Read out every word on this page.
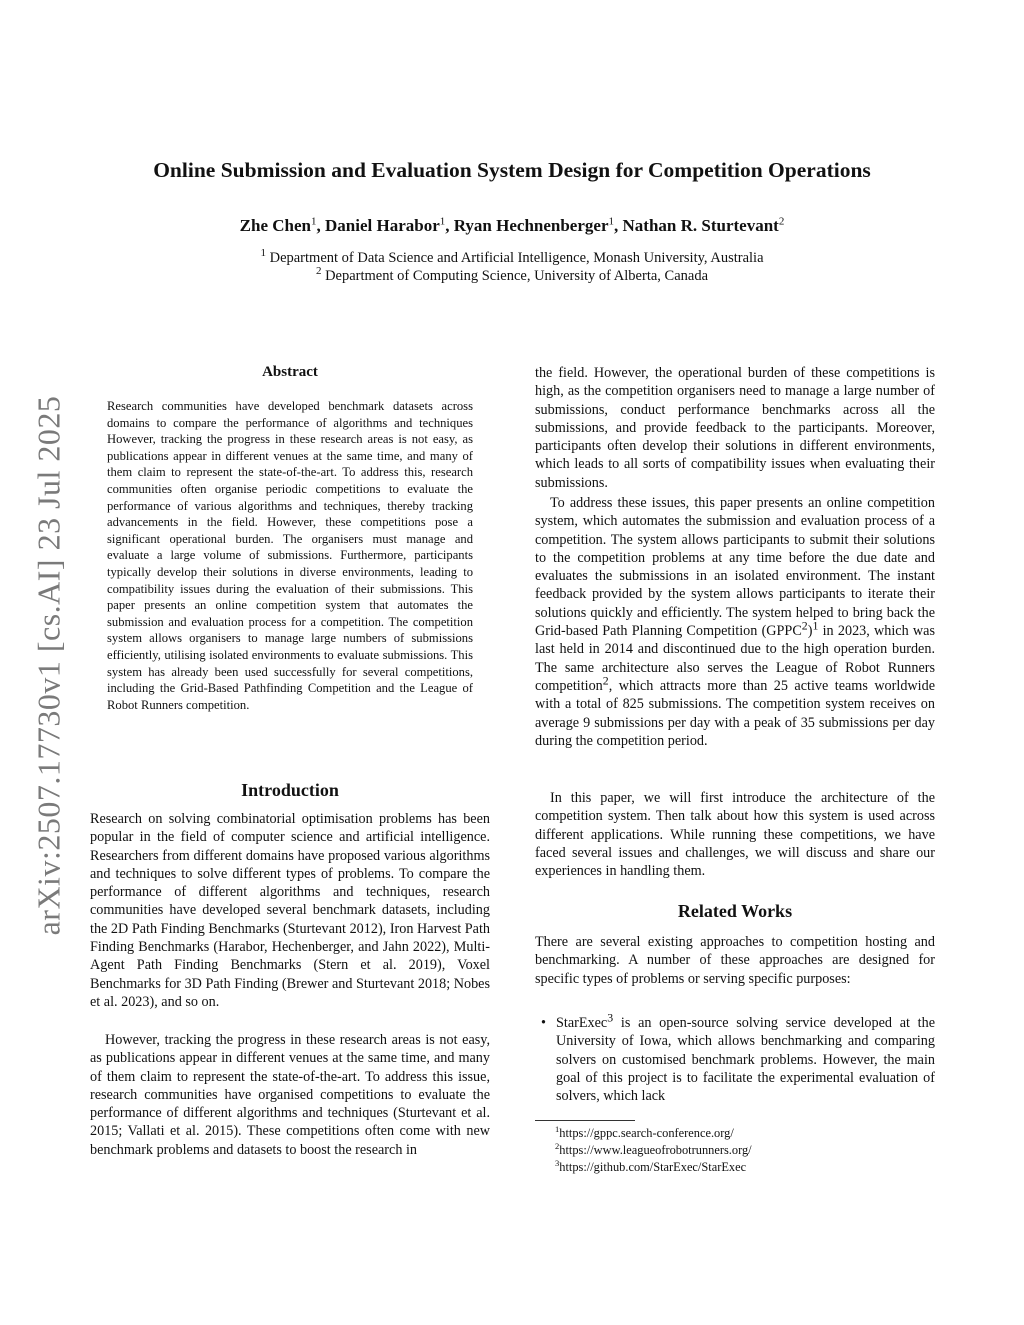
arXiv:2507.17730v1 [cs.AI] 23 Jul 2025
Online Submission and Evaluation System Design for Competition Operations
Zhe Chen$^1$, Daniel Harabor$^1$, Ryan Hechnenberger$^1$, Nathan R. Sturtevant$^2$
$^1$ Department of Data Science and Artificial Intelligence, Monash University, Australia
$^2$ Department of Computing Science, University of Alberta, Canada
Abstract

Research communities have developed benchmark datasets across domains to compare the performance of algorithms and techniques However, tracking the progress in these research areas is not easy, as publications appear in different venues at the same time, and many of them claim to represent the state-of-the-art. To address this, research communities often organise periodic competitions to evaluate the performance of various algorithms and techniques, thereby tracking advancements in the field. However, these competitions pose a significant operational burden. The organisers must manage and evaluate a large volume of submissions. Furthermore, participants typically develop their solutions in diverse environments, leading to compatibility issues during the evaluation of their submissions. This paper presents an online competition system that automates the submission and evaluation process for a competition. The competition system allows organisers to manage large numbers of submissions efficiently, utilising isolated environments to evaluate submissions. This system has already been used successfully for several competitions, including the Grid-Based Pathfinding Competition and the League of Robot Runners competition.

Introduction

Research on solving combinatorial optimisation problems has been popular in the field of computer science and artificial intelligence. Researchers from different domains have proposed various algorithms and techniques to solve different types of problems. To compare the performance of different algorithms and techniques, research communities have developed several benchmark datasets, including the 2D Path Finding Benchmarks (Sturtevant 2012), Iron Harvest Path Finding Benchmarks (Harabor, Hechenberger, and Jahn 2022), Multi-Agent Path Finding Benchmarks (Stern et al. 2019), Voxel Benchmarks for 3D Path Finding (Brewer and Sturtevant 2018; Nobes et al. 2023), and so on.

However, tracking the progress in these research areas is not easy, as publications appear in different venues at the same time, and many of them claim to represent the state-of-the-art. To address this issue, research communities have organised competitions to evaluate the performance of different algorithms and techniques (Sturtevant et al. 2015; Vallati et al. 2015). These competitions often come with new benchmark problems and datasets to boost the research in

the field. However, the operational burden of these competitions is high, as the competition organisers need to manage a large number of submissions, conduct performance benchmarks across all the submissions, and provide feedback to the participants. Moreover, participants often develop their solutions in different environments, which leads to all sorts of compatibility issues when evaluating their submissions.

To address these issues, this paper presents an online competition system, which automates the submission and evaluation process of a competition. The system allows participants to submit their solutions to the competition problems at any time before the due date and evaluates the submissions in an isolated environment. The instant feedback provided by the system allows participants to iterate their solutions quickly and efficiently. The system helped to bring back the Grid-based Path Planning Competition (GPPC$^2$)$^1$ in 2023, which was last held in 2014 and discontinued due to the high operation burden. The same architecture also serves the League of Robot Runners competition$^2$, which attracts more than 25 active teams worldwide with a total of 825 submissions. The competition system receives on average 9 submissions per day with a peak of 35 submissions per day during the competition period.

In this paper, we will first introduce the architecture of the competition system. Then talk about how this system is used across different applications. While running these competitions, we have faced several issues and challenges, we will discuss and share our experiences in handling them.

Related Works

There are several existing approaches to competition hosting and benchmarking. A number of these approaches are designed for specific types of problems or serving specific purposes:

• StarExec$^3$ is an open-source solving service developed at the University of Iowa, which allows benchmarking and comparing solvers on customised benchmark problems. However, the main goal of this project is to facilitate the experimental evaluation of solvers, which lack
$^1$https://gppc.search-conference.org/
$^2$https://www.leagueofrobotrunners.org/
$^3$https://github.com/StarExec/StarExec
